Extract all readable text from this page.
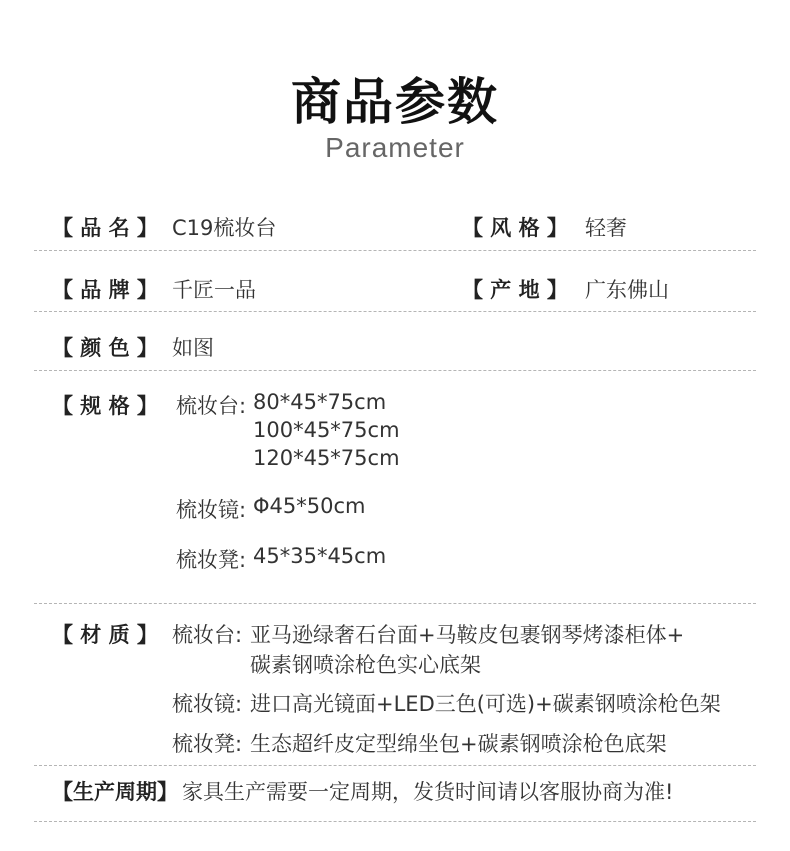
商品参数
Parameter
【 品 名 】 C19梳妆台	【 风 格 】 轻奢
【 品 牌 】 千匠一品	【 产 地 】 广东佛山
【 颜 色 】 如图
【 规 格 】 梳妆台: 80*45*75cm
100*45*75cm
120*45*75cm
梳妆镜: Φ45*50cm
梳妆凳: 45*35*45cm
【 材 质 】 梳妆台: 亚马逊绿奢石台面+马鞍皮包裹钢琴烤漆柜体+
碳素钢喷涂枪色实心底架
梳妆镜: 进口高光镜面+LED三色(可选)+碳素钢喷涂枪色架
梳妆凳: 生态超纤皮定型绵坐包+碳素钢喷涂枪色底架
【生产周期】 家具生产需要一定周期，发货时间请以客服协商为准!
